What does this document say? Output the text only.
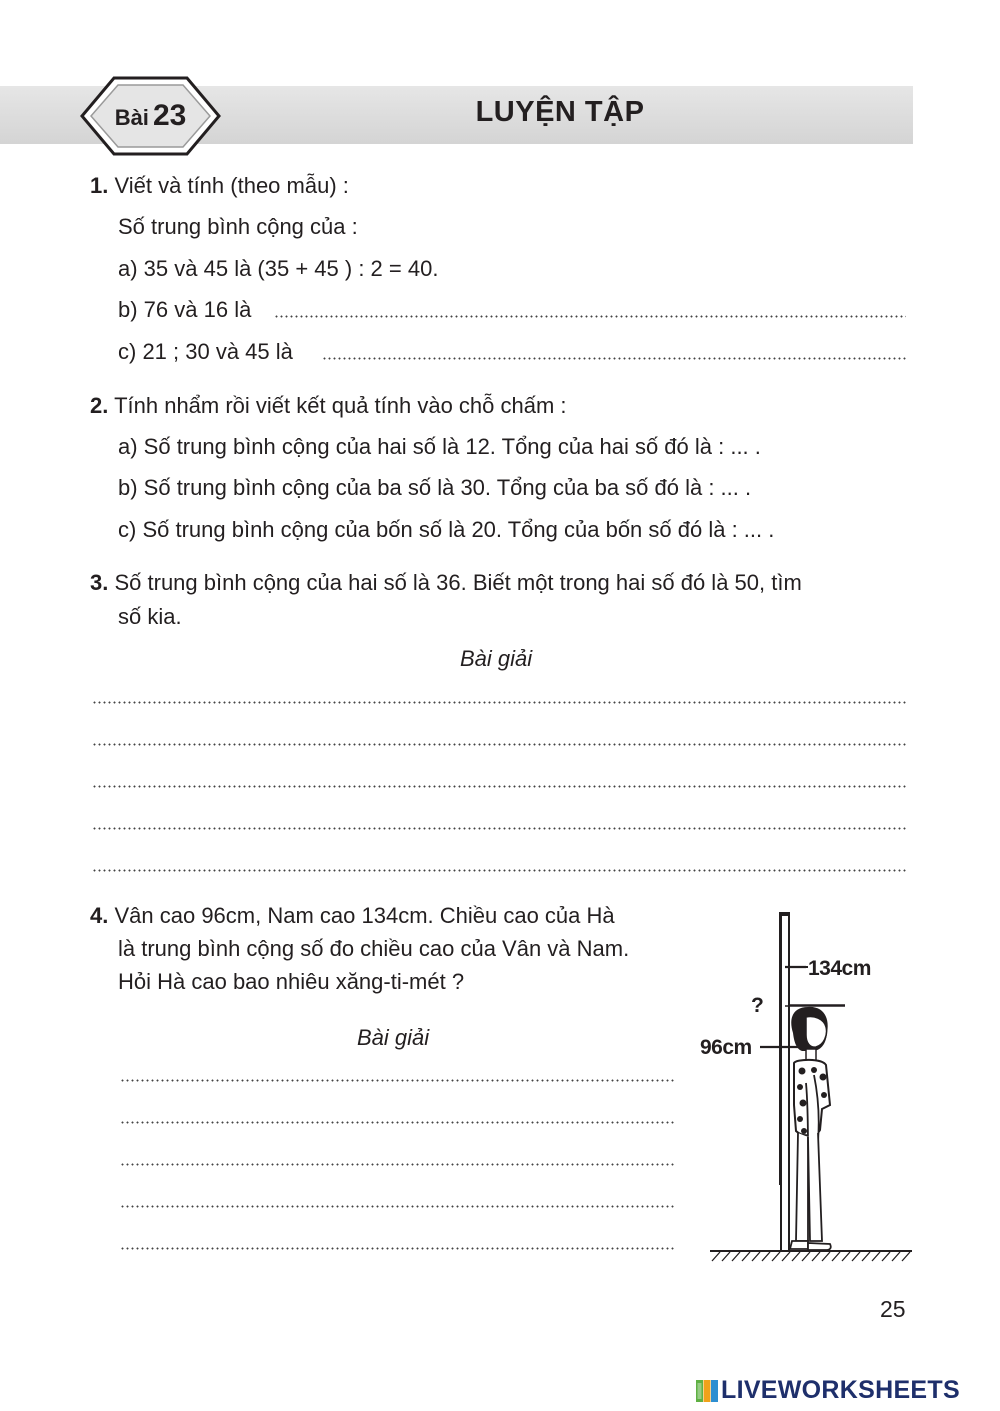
Bài 23	LUYỆN TẬP
1. Viết và tính (theo mẫu) :
Số trung bình cộng của :
a) 35 và 45 là (35 + 45 ) : 2 = 40.
b) 76 và 16 là
c) 21 ; 30 và 45 là
2. Tính nhẩm rồi viết kết quả tính vào chỗ chấm :
a) Số trung bình cộng của hai số là 12. Tổng của hai số đó là : ... .
b) Số trung bình cộng của ba số là 30. Tổng của ba số đó là : ... .
c) Số trung bình cộng của bốn số là 20. Tổng của bốn số đó là : ... .
3. Số trung bình cộng của hai số là 36. Biết một trong hai số đó là 50, tìm
số kia.
Bài giải
4. Vân cao 96cm, Nam cao 134cm. Chiều cao của Hà
là trung bình cộng số đo chiều cao của Vân và Nam.
Hỏi Hà cao bao nhiêu xăng-ti-mét ?
Bài giải
134cm
?
96cm
25
LIVEWORKSHEETS
